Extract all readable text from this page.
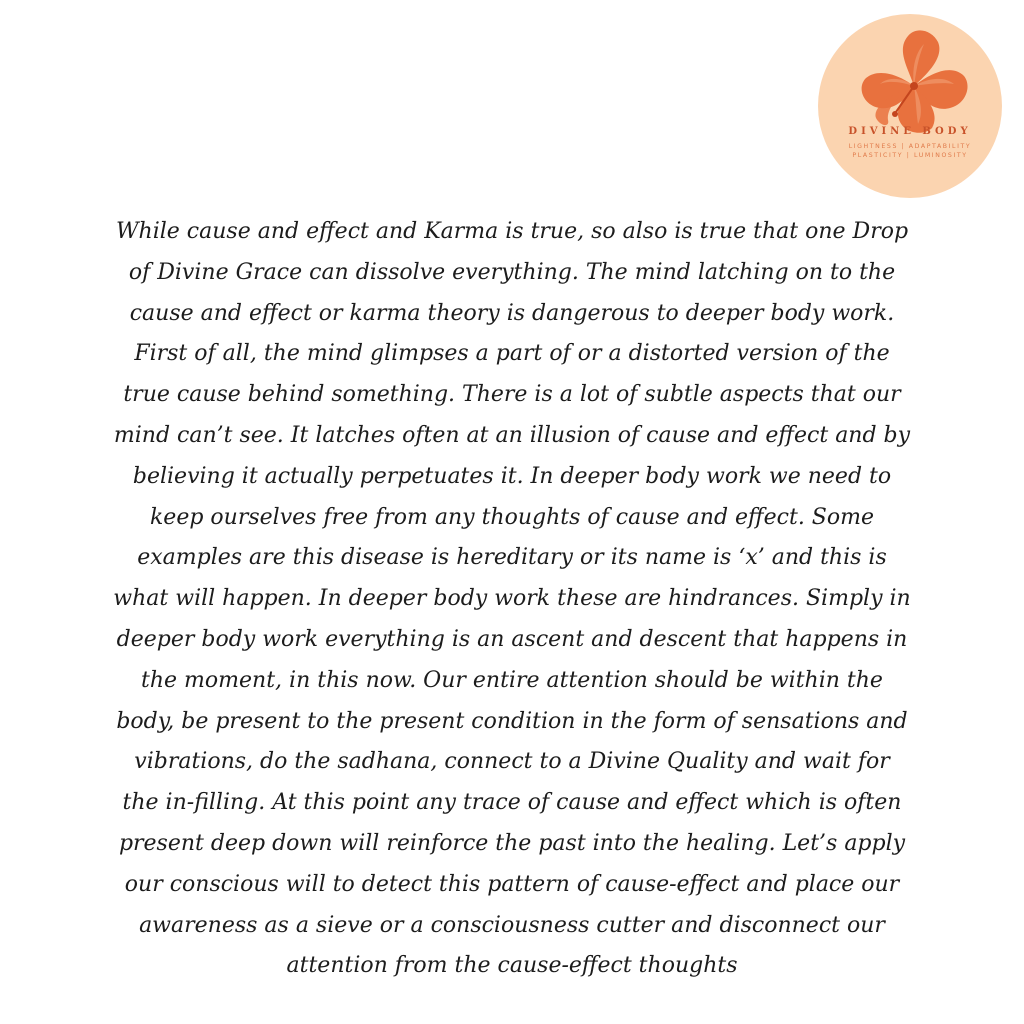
DIVINE BODY
LIGHTNESS | ADAPTABILITY
PLASTICITY | LUMINOSITY

While cause and effect and Karma is true, so also is true that one Drop
of Divine Grace can dissolve everything. The mind latching on to the
cause and effect or karma theory is dangerous to deeper body work.
First of all, the mind glimpses a part of or a distorted version of the
true cause behind something. There is a lot of subtle aspects that our
mind can’t see. It latches often at an illusion of cause and effect and by
believing it actually perpetuates it. In deeper body work we need to
keep ourselves free from any thoughts of cause and effect. Some
examples are this disease is hereditary or its name is ‘x’ and this is
what will happen. In deeper body work these are hindrances. Simply in
deeper body work everything is an ascent and descent that happens in
the moment, in this now. Our entire attention should be within the
body, be present to the present condition in the form of sensations and
vibrations, do the sadhana, connect to a Divine Quality and wait for
the in-filling. At this point any trace of cause and effect which is often
present deep down will reinforce the past into the healing. Let’s apply
our conscious will to detect this pattern of cause-effect and place our
awareness as a sieve or a consciousness cutter and disconnect our
attention from the cause-effect thoughts
